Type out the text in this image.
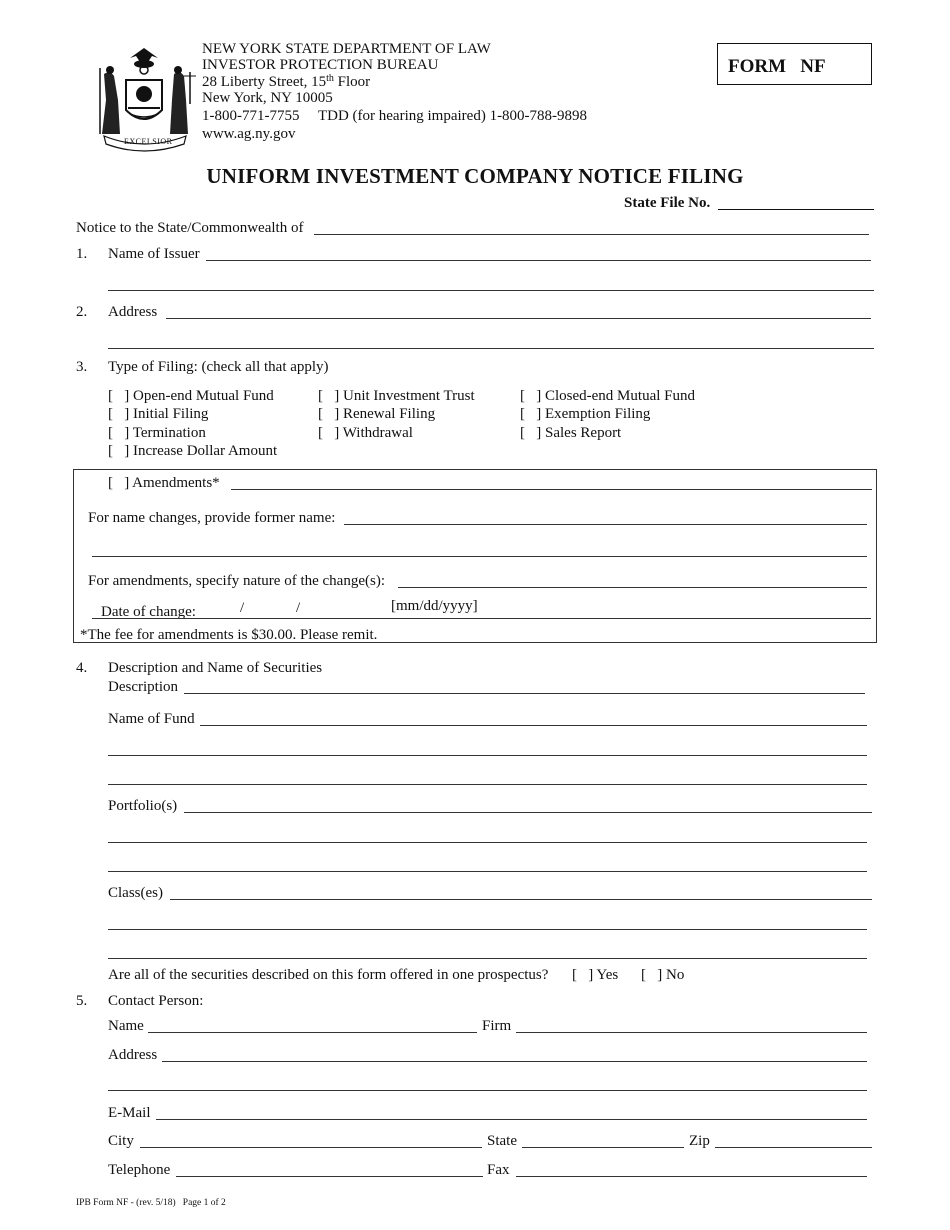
EXCELSIOR
NEW YORK STATE DEPARTMENT OF LAW
INVESTOR PROTECTION BUREAU
28 Liberty Street, 15th Floor
New York, NY 10005
1-800-771-7755     TDD (for hearing impaired) 1-800-788-9898
www.ag.ny.gov
FORM   NF
UNIFORM INVESTMENT COMPANY NOTICE FILING
State File No.
Notice to the State/Commonwealth of
1. Name of Issuer
2. Address
3. Type of Filing: (check all that apply)
[   ] Open-end Mutual Fund	[   ] Unit Investment Trust	[   ] Closed-end Mutual Fund
[   ] Initial Filing	[   ] Renewal Filing	[   ] Exemption Filing
[   ] Termination	[   ] Withdrawal	[   ] Sales Report
[   ] Increase Dollar Amount
[   ] Amendments*
For name changes, provide former name:
For amendments, specify nature of the change(s):
Date of change:	/	/	[mm/dd/yyyy]
*The fee for amendments is $30.00. Please remit.
4. Description and Name of Securities
Description
Name of Fund
Portfolio(s)
Class(es)
Are all of the securities described on this form offered in one prospectus? [   ] Yes [   ] No
5. Contact Person:
Name	Firm
Address
E-Mail
City	State	Zip
Telephone	Fax
IPB Form NF - (rev. 5/18)   Page 1 of 2
